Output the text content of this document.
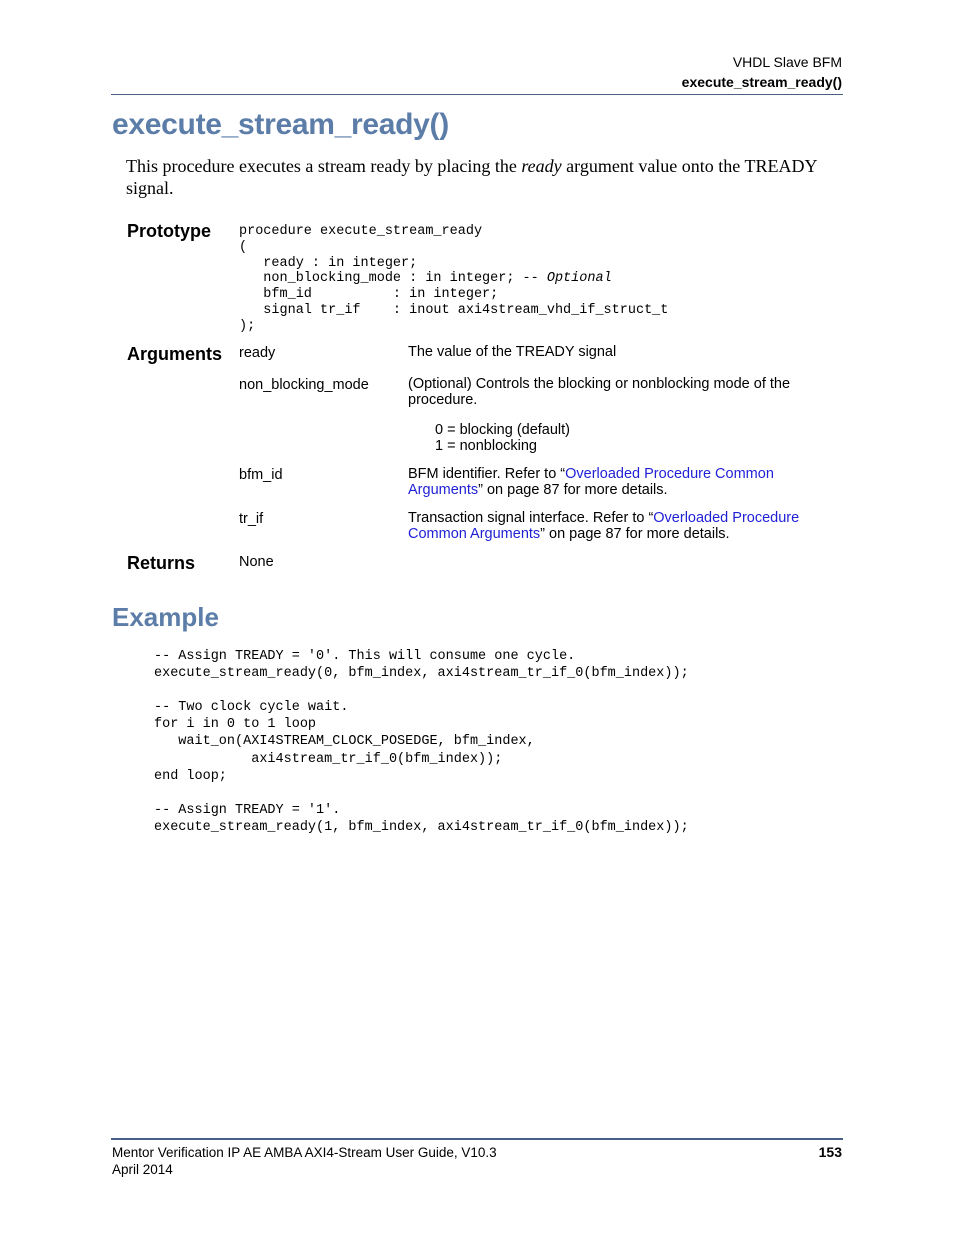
VHDL Slave BFM
execute_stream_ready()
execute_stream_ready()

This procedure executes a stream ready by placing the ready argument value onto the TREADY signal.

Prototype procedure execute_stream_ready
(
ready : in integer;
non_blocking_mode : in integer; -- Optional
bfm_id          : in integer;
signal tr_if    : inout axi4stream_vhd_if_struct_t
);
Arguments ready	The value of the TREADY signal
non_blocking_mode	(Optional) Controls the blocking or nonblocking mode of the procedure.
0 = blocking (default)
1 = nonblocking
bfm_id	BFM identifier. Refer to “Overloaded Procedure Common Arguments” on page 87 for more details.
tr_if	Transaction signal interface. Refer to “Overloaded Procedure Common Arguments” on page 87 for more details.
Returns	None
Example
-- Assign TREADY = '0'. This will consume one cycle.
execute_stream_ready(0, bfm_index, axi4stream_tr_if_0(bfm_index));

-- Two clock cycle wait.
for i in 0 to 1 loop
wait_on(AXI4STREAM_CLOCK_POSEDGE, bfm_index,
axi4stream_tr_if_0(bfm_index));
end loop;

-- Assign TREADY = '1'.
execute_stream_ready(1, bfm_index, axi4stream_tr_if_0(bfm_index));
Mentor Verification IP AE AMBA AXI4-Stream User Guide, V10.3
April 2014
153
